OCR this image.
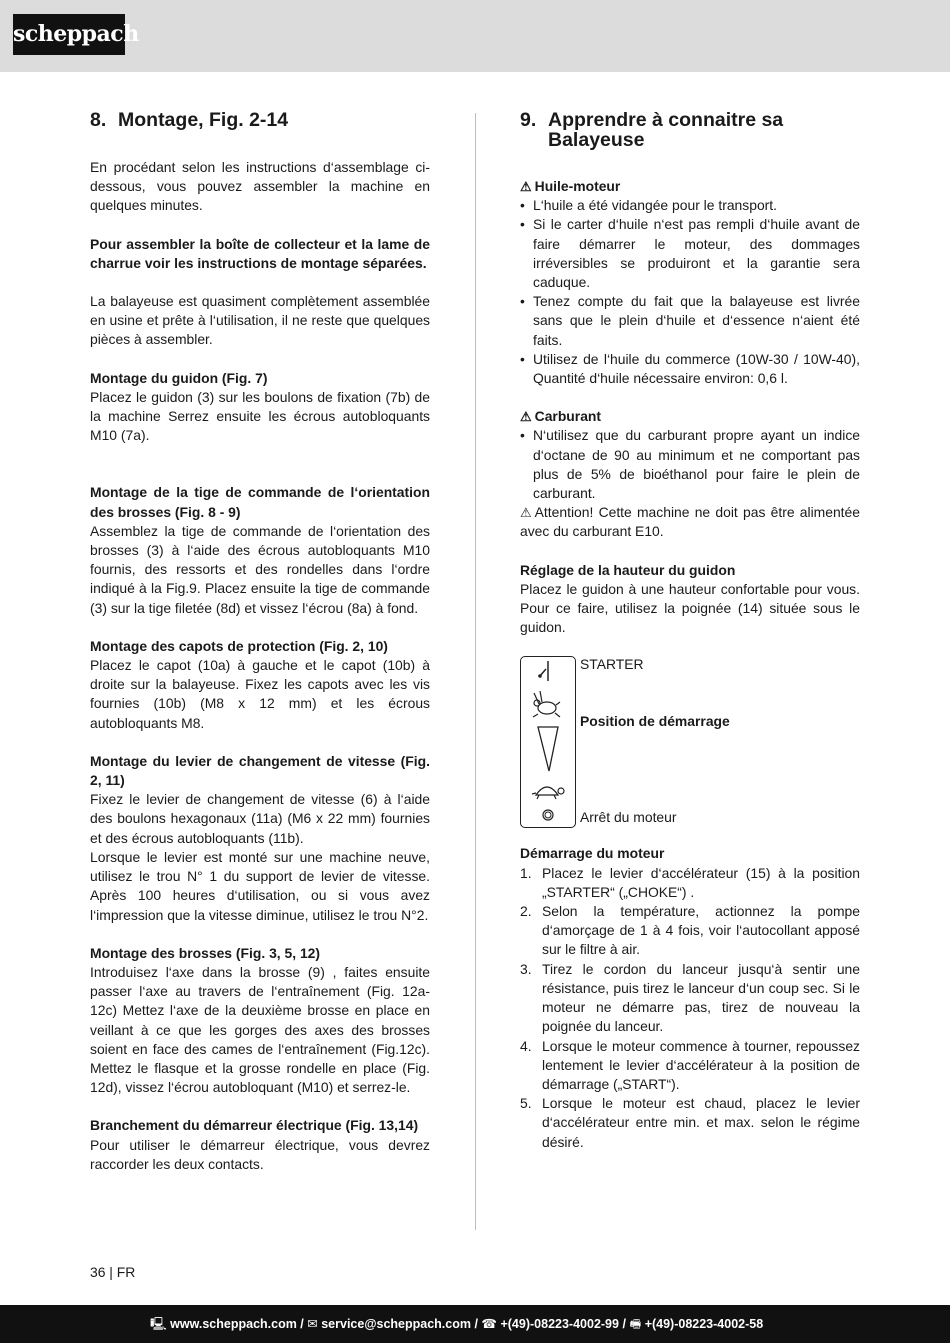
scheppach
8. Montage, Fig. 2-14

En procédant selon les instructions d‘assemblage ci-dessous, vous pouvez assembler la machine en quelques minutes.

Pour assembler la boîte de collecteur et la lame de charrue voir les instructions de montage séparées.

La balayeuse est quasiment complètement assemblée en usine et prête à l‘utilisation, il ne reste que quelques pièces à assembler.

Montage du guidon (Fig. 7)

Placez le guidon (3) sur les boulons de fixation (7b) de la machine Serrez ensuite les écrous autobloquants M10 (7a).

Montage de la tige de commande de l‘orientation des brosses (Fig. 8 - 9)

Assemblez la tige de commande de l‘orientation des brosses (3) à l‘aide des écrous autobloquants M10 fournis, des ressorts et des rondelles dans l‘ordre indiqué à la Fig.9. Placez ensuite la tige de commande (3) sur la tige filetée (8d) et vissez l‘écrou (8a) à fond.

Montage des capots de protection (Fig. 2, 10)

Placez le capot (10a) à gauche et le capot (10b) à droite sur la balayeuse. Fixez les capots avec les vis fournies (10b) (M8 x 12 mm) et les écrous autobloquants M8.

Montage du levier de changement de vitesse (Fig. 2, 11)

Fixez le levier de changement de vitesse (6) à l‘aide des boulons hexagonaux (11a) (M6 x 22 mm) fournies et des écrous autobloquants (11b).

Lorsque le levier est monté sur une machine neuve, utilisez le trou N° 1 du support de levier de vitesse. Après 100 heures d‘utilisation, ou si vous avez l‘impression que la vitesse diminue, utilisez le trou N°2.

Montage des brosses (Fig. 3, 5, 12)

Introduisez l‘axe dans la brosse (9) , faites ensuite passer l‘axe au travers de l‘entraînement (Fig. 12a-12c) Mettez l‘axe de la deuxième brosse en place en veillant à ce que les gorges des axes des brosses soient en face des cames de l‘entraînement (Fig.12c). Mettez le flasque et la grosse rondelle en place (Fig. 12d), vissez l‘écrou autobloquant (M10) et serrez-le.

Branchement du démarreur électrique (Fig. 13,14)

Pour utiliser le démarreur électrique, vous devrez raccorder les deux contacts.

9. Apprendre à connaitre sa Balayeuse
⚠ Huile-moteur
• L‘huile a été vidangée pour le transport.
• Si le carter d‘huile n‘est pas rempli d‘huile avant de faire démarrer le moteur, des dommages irréversibles se produiront et la garantie sera caduque.
• Tenez compte du fait que la balayeuse est livrée sans que le plein d‘huile et d‘essence n‘aient été faits.
• Utilisez de l‘huile du commerce (10W-30 / 10W-40), Quantité d‘huile nécessaire environ: 0,6 l.
⚠ Carburant
• N‘utilisez que du carburant propre ayant un indice d‘octane de 90 au minimum et ne comportant pas plus de 5% de bioéthanol pour faire le plein de carburant.

⚠ Attention! Cette machine ne doit pas être alimentée avec du carburant E10.

Réglage de la hauteur du guidon

Placez le guidon à une hauteur confortable pour vous. Pour ce faire, utilisez la poignée (14) située sous le guidon.

STARTER
Position de démarrage
Arrêt du moteur

Démarrage du moteur

1. Placez le levier d‘accélérateur (15) à la position „STARTER“ („CHOKE“) .
2. Selon la température, actionnez la pompe d‘amorçage de 1 à 4 fois, voir l‘autocollant apposé sur le filtre à air.
3. Tirez le cordon du lanceur jusqu‘à sentir une résistance, puis tirez le lanceur d‘un coup sec. Si le moteur ne démarre pas, tirez de nouveau la poignée du lanceur.
4. Lorsque le moteur commence à tourner, repoussez lentement le levier d‘accélérateur à la position de démarrage („START“).
5. Lorsque le moteur est chaud, placez le levier d‘accélérateur entre min. et max. selon le régime désiré.
36 | FR
🖳 www.scheppach.com / ✉ service@scheppach.com / ☎ +(49)-08223-4002-99 / 🖷 +(49)-08223-4002-58
